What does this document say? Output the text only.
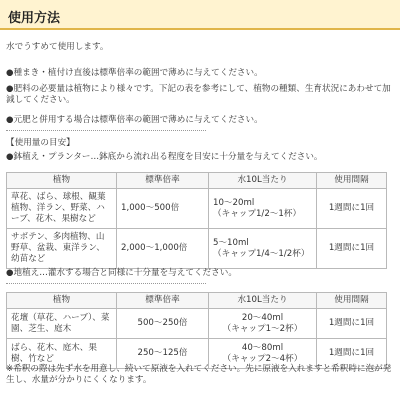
使用方法
水でうすめて使用します。
●種まき・植付け直後は標準倍率の範囲で薄めに与えてください。
●肥料の必要量は植物により様々です。下記の表を参考にして、植物の種類、生育状況にあわせて加減してください。
●元肥と併用する場合は標準倍率の範囲で薄めに与えてください。
【使用量の目安】
●鉢植え・プランター…鉢底から流れ出る程度を目安に十分量を与えてください。
植物	標準倍率	水10L当たり	使用間隔
草花、ばら、球根、観葉植物、洋ラン、野菜、ハーブ、花木、果樹など	1,000～500倍	10～20ml
（キャップ1/2～1杯）	1週間に1回
サボテン、多肉植物、山野草、盆栽、東洋ラン、幼苗など	2,000～1,000倍	5～10ml
（キャップ1/4～1/2杯）	1週間に1回
●地植え…灌水する場合と同様に十分量を与えてください。
植物	標準倍率	水10L当たり	使用間隔
花壇（草花、ハーブ）、菜園、芝生、庭木	500～250倍	20～40ml
（キャップ1～2杯）	1週間に1回
ばら、花木、庭木、果樹、竹など	250～125倍	40～80ml
（キャップ2～4杯）	1週間に1回
※希釈の際は先ず水を用意し、続いて原液を入れてください。先に原液を入れますと希釈時に泡が発生し、水量が分かりにくくなります。
